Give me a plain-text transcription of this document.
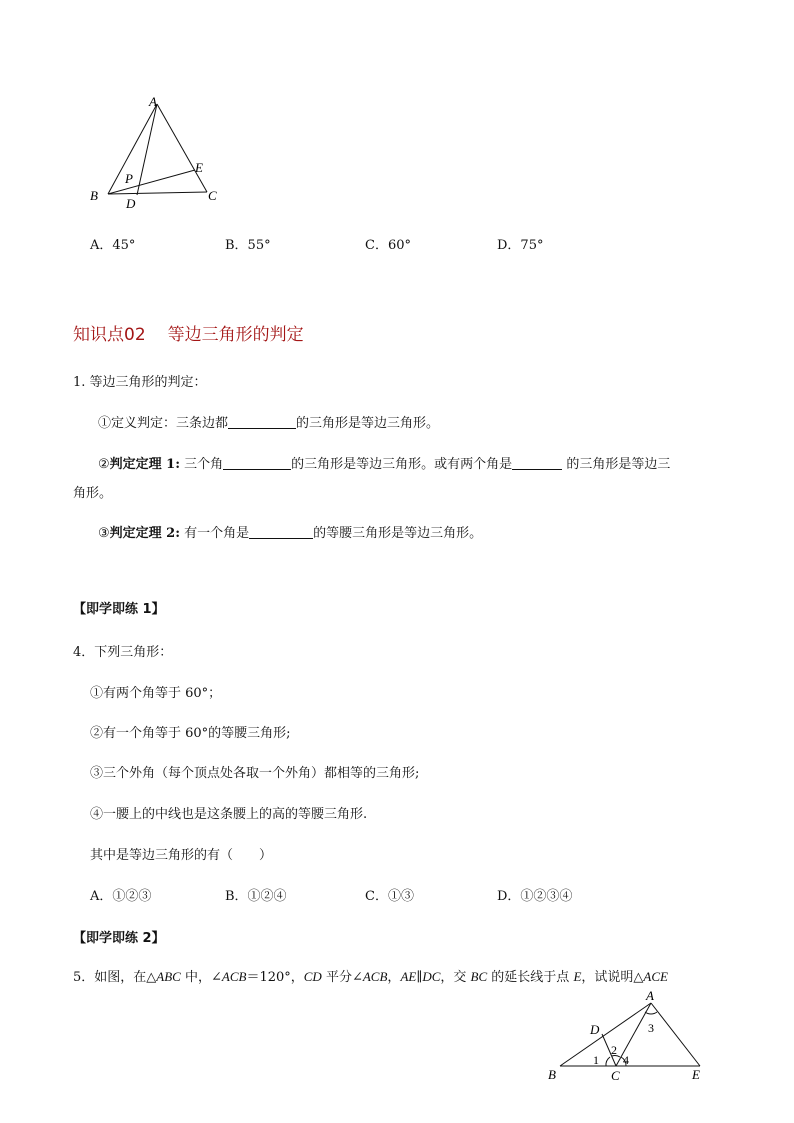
A
B	C
D
E
P
A．45°	B．55°	C．60°	D．75°
知识点02 等边三角形的判定
1. 等边三角形的判定：
①定义判定：三条边都	的三角形是等边三角形。
②判定定理 1: 三个角	的三角形是等边三角形。或有两个角是	的三角形是等边三
角形。
③判定定理 2: 有一个角是	的等腰三角形是等边三角形。
【即学即练 1】
4．下列三角形：
①有两个角等于 60°；
②有一个角等于 60°的等腰三角形;
③三个外角（每个顶点处各取一个外角）都相等的三角形;
④一腰上的中线也是这条腰上的高的等腰三角形.
其中是等边三角形的有（　　）
A．①②③	B．①②④	C．①③	D．①②③④
【即学即练 2】
5．如图，在△ABC 中，∠ACB＝120°，CD 平分∠ACB，AE∥DC，交 BC 的延长线于点 E，试说明△ACE
A
B	C
D
E
1
2
3
4
